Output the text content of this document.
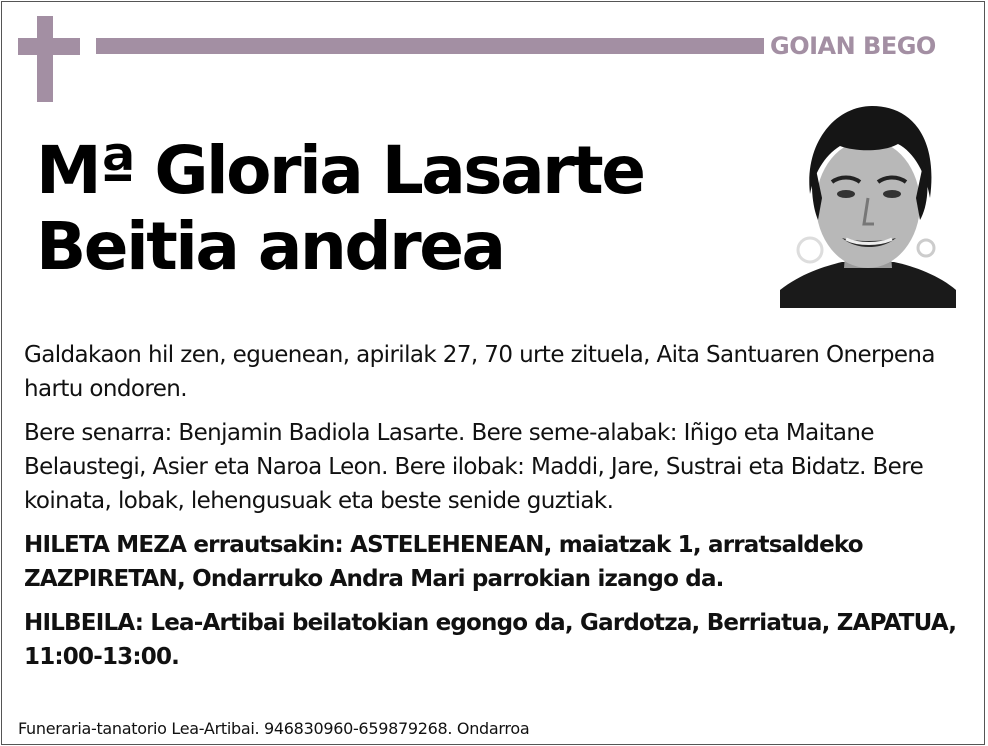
GOIAN BEGO
Mª Gloria Lasarte
Beitia andrea

Galdakaon hil zen, eguenean, apirilak 27, 70 urte zituela, Aita Santuaren Onerpena hartu ondoren.

Bere senarra: Benjamin Badiola Lasarte. Bere seme-alabak: Iñigo eta Maitane Belaustegi, Asier eta Naroa Leon. Bere ilobak: Maddi, Jare, Sustrai eta Bidatz. Bere koinata, lobak, lehengusuak eta beste senide guztiak.

HILETA MEZA errautsakin: ASTELEHENEAN, maiatzak 1, arratsaldeko ZAZPIRETAN, Ondarruko Andra Mari parrokian izango da.

HILBEILA: Lea-Artibai beilatokian egongo da, Gardotza, Berriatua, ZAPATUA, 11:00-13:00.

Funeraria-tanatorio Lea-Artibai. 946830960-659879268. Ondarroa
